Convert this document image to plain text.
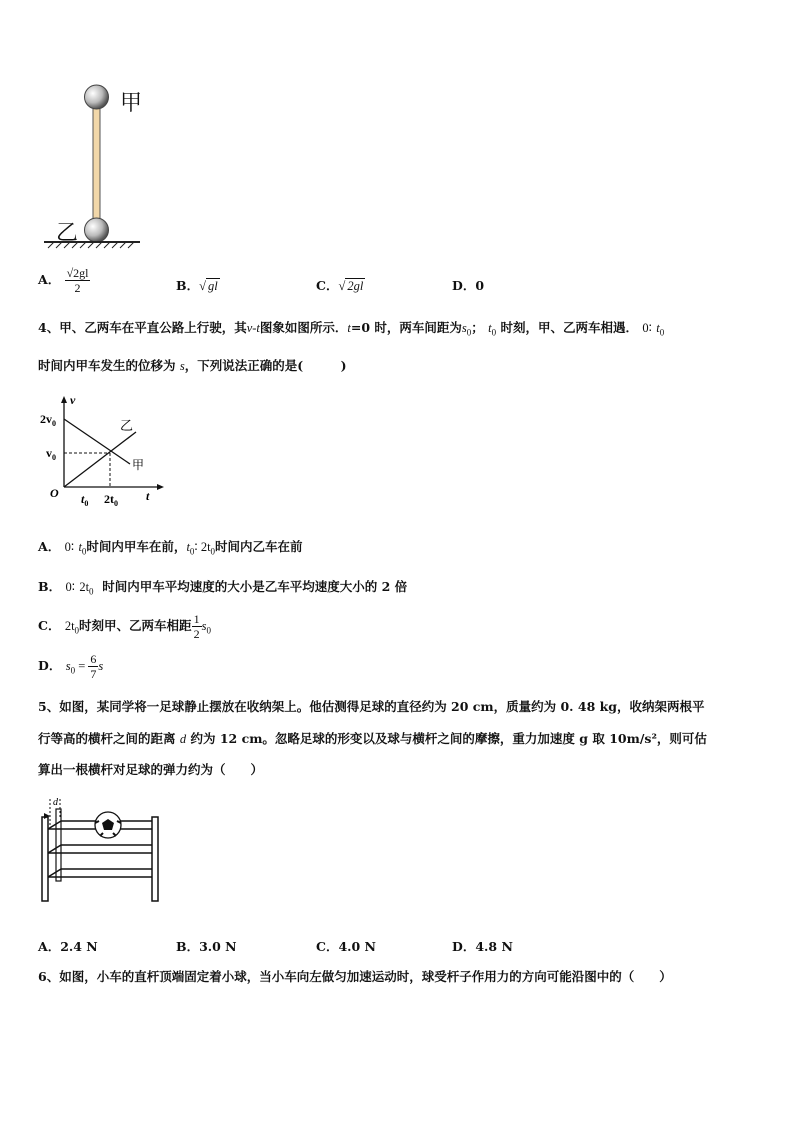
甲
乙
A． $\frac{√2gl}{2}$	B．√ gl	C．√ 2gl	D．0
4、甲、乙两车在平直公路上行驶，其v-t图象如图所示．t=0 时，两车间距为$s_0$； $t_0$ 时刻，甲、乙两车相遇． 0∶ $t_0$
时间内甲车发生的位移为 s，下列说法正确的是(　　　)
v
t
O
$2v_0$
$v_0$
$t_0$ $2t_0$
乙
甲
A． 0∶ $t_0$时间内甲车在前，$t_0∶$ $2t_0$时间内乙车在前
B． 0∶ $2t_0$ 时间内甲车平均速度的大小是乙车平均速度大小的 2 倍
C． $2t_0$时刻甲、乙两车相距 $\frac{1}{2} s_0$
D． $s_0 = \frac{6}{7}$ s
5、如图，某同学将一足球静止摆放在收纳架上。他估测得足球的直径约为 20 cm，质量约为 0. 48 kg，收纳架两根平
行等高的横杆之间的距离 d 约为 12 cm。忽略足球的形变以及球与横杆之间的摩擦，重力加速度 g 取 10m/s²，则可估
算出一根横杆对足球的弹力约为（　　）
d
A．2.4 N	B．3.0 N	C．4.0 N	D．4.8 N
6、如图，小车的直杆顶端固定着小球，当小车向左做匀加速运动时，球受杆子作用力的方向可能沿图中的（　　）
